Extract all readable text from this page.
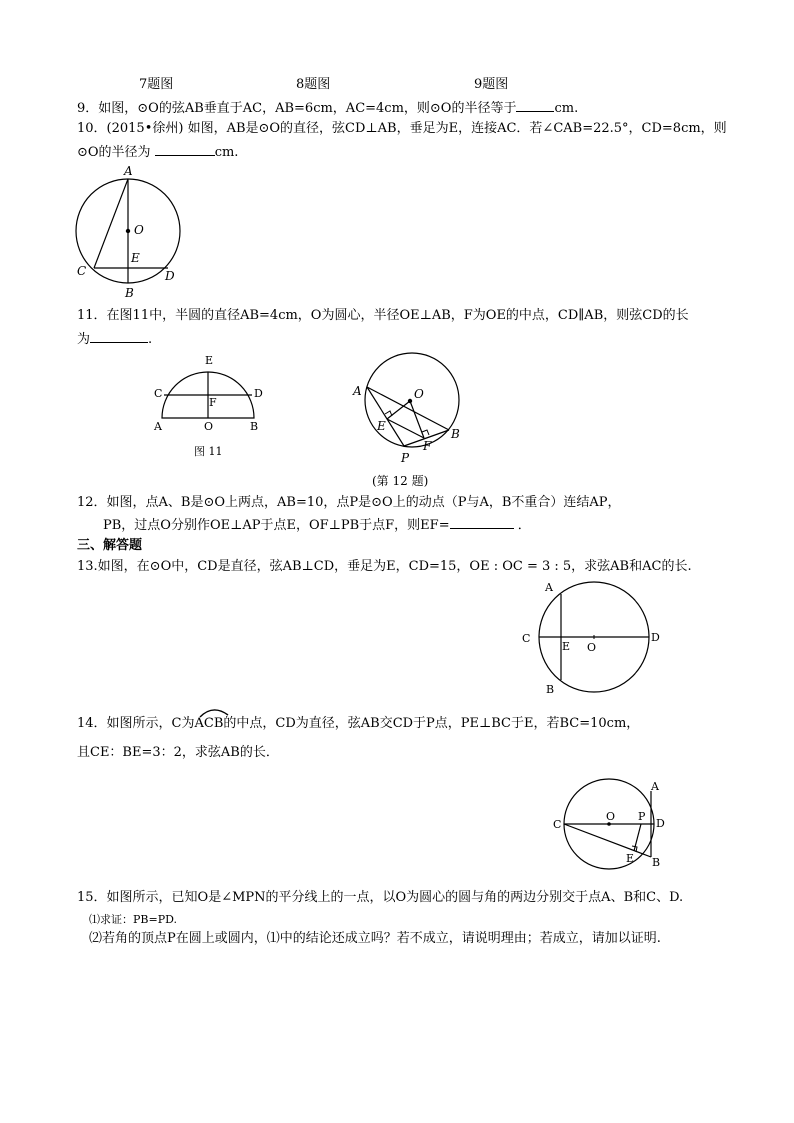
7题图	8题图	9题图
9．如图，⊙O的弦AB垂直于AC，AB=6cm，AC=4cm，则⊙O的半径等于	cm.
10．(2015•徐州) 如图，AB是⊙O的直径，弦CD⊥AB，垂足为E，连接AC．若∠CAB=22.5°，CD=8cm，则
⊙O的半径为	cm.
A
O
E
C	D
B
11．在图11中，半圆的直径AB=4cm，O为圆心，半径OE⊥AB，F为OE的中点，CD∥AB，则弦CD的长
为	.
E
C	D
F
A	O	B
图 11
A	O
E
F
B
P
(第 12 题)
12．如图，点A、B是⊙O上两点，AB=10，点P是⊙O上的动点（P与A，B不重合）连结AP，
PB，过点O分别作OE⊥AP于点E，OF⊥PB于点F，则EF=	．
三、解答题
13.如图，在⊙O中，CD是直径，弦AB⊥CD，垂足为E，CD=15，OE : OC = 3 : 5，求弦AB和AC的长.
A
C
E O
D
B
14．如图所示，C为ACB的中点，CD为直径，弦AB交CD于P点，PE⊥BC于E，若BC=10cm，
且CE：BE=3：2，求弦AB的长．
A
O P
C	D
E B
15．如图所示，已知O是∠MPN的平分线上的一点，以O为圆心的圆与角的两边分别交于点A、B和C、D.
⑴求证：PB=PD.
⑵若角的顶点P在圆上或圆内，⑴中的结论还成立吗？若不成立，请说明理由；若成立，请加以证明.
